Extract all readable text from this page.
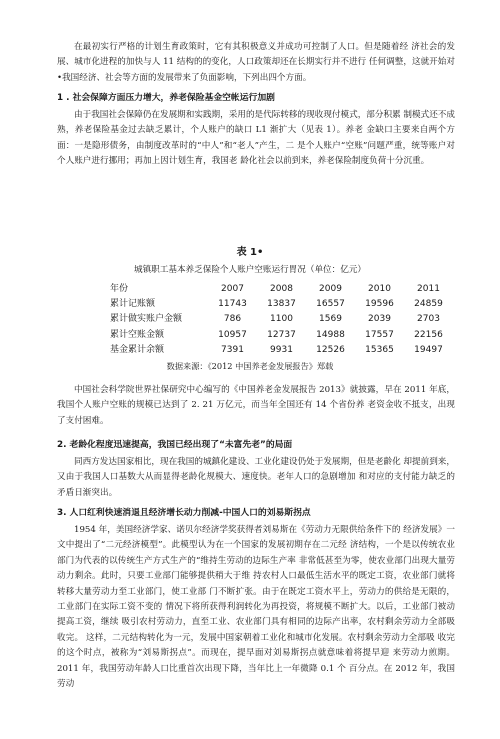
在最初实行严格的计划生育政策时，它有其积极意义并成功可控制了人口。但是随着经 济社会的发展、城市化进程的加快与人 11 结构的的变化，人口政策却还在长期实行并不进行 任何调整，这就开始对•我国经济、社会等方面的发展带来了负面影响，下列出四个方面。
1 . 社会保障方面压力增大，养老保险基金空帐运行加剧
由于我国社会保障仍在发展期和实践期，采用的是代际转移的现收现付模式，部分积累 制模式还不成熟，养老保险基金过去缺乏累计，个人账户的缺口 L1 渐扩大（见表 1）。养老 金缺口主要来自两个方面：一是隐形债务，由制度改革时的“中人”和“老人”产生，二 是个人账户“空账”问题严重，统等账户对个人账户进行挪用；再加上因计划生育，我国老 龄化社会以前到来，养老保险制度负荷十分沉重。
表 1•
城镇职工基本养乏保险个人账户空账运行胃况（单位：亿元）
年份	2007	2008	2009	2010	2011
累计记账额	11743	13837	16557	19596	24859
累计做实账户金额	786	1100	1569	2039	2703
累计空账金额	10957	12737	14988	17557	22156
基金累计余额	7391	9931	12526	15365	19497
数据来源：《2012 中国养老金发展报告》郑载
中国社会科学院世界社保研究中心编写的《中国养老金发展报告 2013》就披露，早在 2011 年底，我国个人账户空账的规模已达到了 2. 21 万亿元，而当年全国还有 14 个省份养 老资金收不抵支，出现了支付困难。
2. 老龄化程度迅速提高，我国已经出现了“未富先老”的局面
同西方发达国家相比，现在我国的城鎮化建设、工业化建设仍处于发展期，但是老齡化 却提前到来，又由于我国人口基数大从而显得老龄化规模大、速度快。老年人口的急剧增加 和对应的支付能力缺乏的矛盾日渐突出。
3. 人口红利快速消退且经济增长动力削减-中国人口的刘易斯拐点
1954 年，美国经济学家、诺贝尔经济学奖获得者刘易斯在《劳动力无限供给条件下的 经济发展》一文中提出了“二元经济模型”。此模型认为在一个国家的发展初期存在二元经 济结构，一个是以传统农业部门为代表的以传统生产方式生产的“维持生劳动的边际生产率 非常低甚至为零，使农业部门出现大量劳动力剩余。此时，只要工业部门能够提供稍大于维 持农村人口最低生活水平的既定工资，农业部门就将转移大量劳动力至工业部门，使工业部 门不断扩张。由于在既定工资水平上，劳动力的供给是无限的，工业部门在实际工资不变的 情况下将所获得利润转化为再投资，将规模不断扩大。以后，工业部门被动提高工资，继续 吸引农村劳动力，直至工业、农业部门具有相同的边际产出率，农村剩余劳动力全部吸收完。 这样，二元结构转化为一元，发展中国家朝着工业化和城市化发展。农村剩余劳动力全部吸 收完的这个时点，被称为“刘易斯拐点”。而现在，提早面对刘易斯拐点就意味着将提早迎 来劳动力煎期。2011 年，我国劳动年龄人口比重首次出现下降，当年比上一年微降 0.1 个 百分点。在 2012 年，我国劳动
